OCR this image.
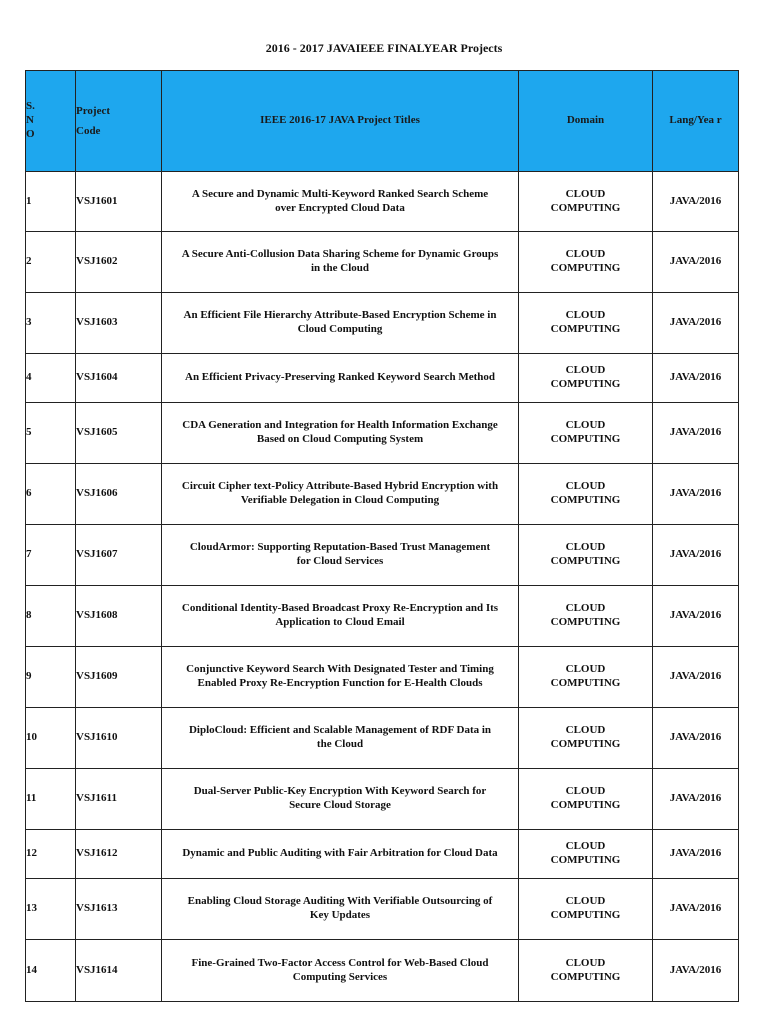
2016 - 2017 JAVAIEEE FINALYEAR Projects
S.
N
O	Project
Code	IEEE 2016-17 JAVA Project Titles	Domain	Lang/Yea r
1	VSJ1601	A Secure and Dynamic Multi-Keyword Ranked Search Scheme
over Encrypted Cloud Data	CLOUD
COMPUTING	JAVA/2016
2	VSJ1602	A Secure Anti-Collusion Data Sharing Scheme for Dynamic Groups
in the Cloud	CLOUD
COMPUTING	JAVA/2016
3	VSJ1603	An Efficient File Hierarchy Attribute-Based Encryption Scheme in
Cloud Computing	CLOUD
COMPUTING	JAVA/2016
4	VSJ1604	An Efficient Privacy-Preserving Ranked Keyword Search Method	CLOUD
COMPUTING	JAVA/2016
5	VSJ1605	CDA Generation and Integration for Health Information Exchange
Based on Cloud Computing System	CLOUD
COMPUTING	JAVA/2016
6	VSJ1606	Circuit Cipher text-Policy Attribute-Based Hybrid Encryption with
Verifiable Delegation in Cloud Computing	CLOUD
COMPUTING	JAVA/2016
7	VSJ1607	CloudArmor: Supporting Reputation-Based Trust Management
for Cloud Services	CLOUD
COMPUTING	JAVA/2016
8	VSJ1608	Conditional Identity-Based Broadcast Proxy Re-Encryption and Its
Application to Cloud Email	CLOUD
COMPUTING	JAVA/2016
9	VSJ1609	Conjunctive Keyword Search With Designated Tester and Timing
Enabled Proxy Re-Encryption Function for E-Health Clouds	CLOUD
COMPUTING	JAVA/2016
10	VSJ1610	DiploCloud: Efficient and Scalable Management of RDF Data in
the Cloud	CLOUD
COMPUTING	JAVA/2016
11	VSJ1611	Dual-Server Public-Key Encryption With Keyword Search for
Secure Cloud Storage	CLOUD
COMPUTING	JAVA/2016
12	VSJ1612	Dynamic and Public Auditing with Fair Arbitration for Cloud Data	CLOUD
COMPUTING	JAVA/2016
13	VSJ1613	Enabling Cloud Storage Auditing With Verifiable Outsourcing of
Key Updates	CLOUD
COMPUTING	JAVA/2016
14	VSJ1614	Fine-Grained Two-Factor Access Control for Web-Based Cloud
Computing Services	CLOUD
COMPUTING	JAVA/2016
